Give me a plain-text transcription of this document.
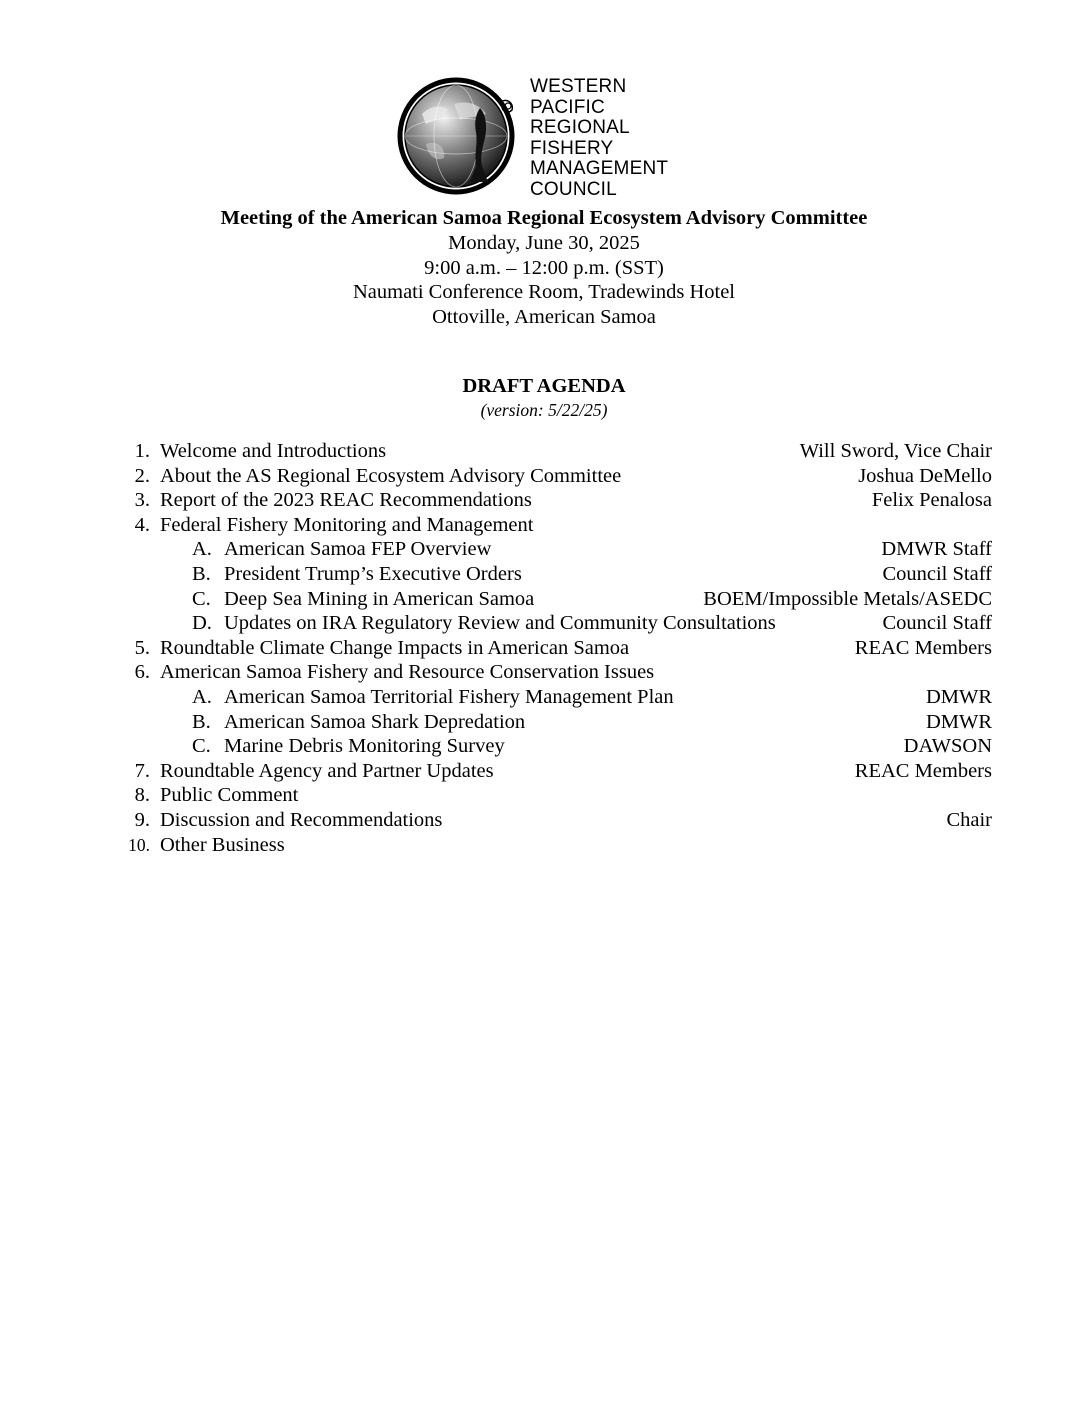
WESTERN
PACIFIC
REGIONAL
FISHERY
MANAGEMENT
COUNCIL
Meeting of the American Samoa Regional Ecosystem Advisory Committee
Monday, June 30, 2025
9:00 a.m. – 12:00 p.m. (SST)
Naumati Conference Room, Tradewinds Hotel
Ottoville, American Samoa
DRAFT AGENDA
(version: 5/22/25)
1. Welcome and Introductions	Will Sword, Vice Chair
2. About the AS Regional Ecosystem Advisory Committee	Joshua DeMello
3. Report of the 2023 REAC Recommendations	Felix Penalosa
4. Federal Fishery Monitoring and Management
A. American Samoa FEP Overview	DMWR Staff
B. President Trump’s Executive Orders	Council Staff
C. Deep Sea Mining in American Samoa	BOEM/Impossible Metals/ASEDC
D. Updates on IRA Regulatory Review and Community Consultations	Council Staff
5. Roundtable Climate Change Impacts in American Samoa	REAC Members
6. American Samoa Fishery and Resource Conservation Issues
A. American Samoa Territorial Fishery Management Plan	DMWR
B. American Samoa Shark Depredation	DMWR
C. Marine Debris Monitoring Survey	DAWSON
7. Roundtable Agency and Partner Updates	REAC Members
8. Public Comment
9. Discussion and Recommendations	Chair
10. Other Business
